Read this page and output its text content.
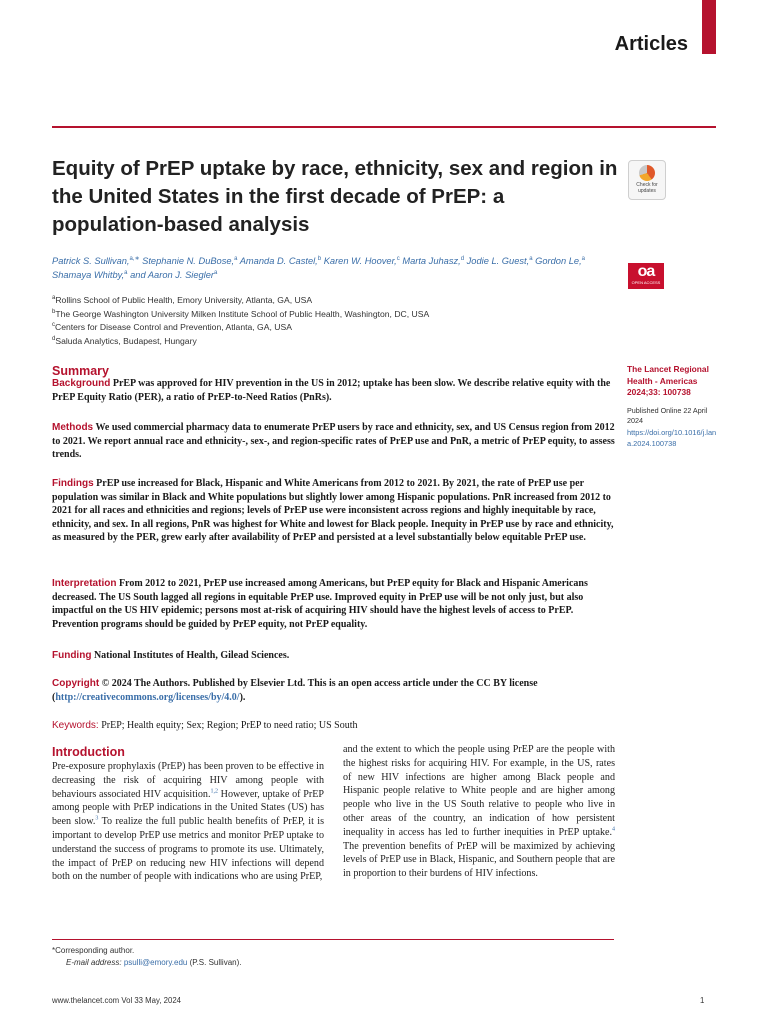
Articles
Equity of PrEP uptake by race, ethnicity, sex and region in the United States in the first decade of PrEP: a population-based analysis
Check for updates
oa
OPEN ACCESS
Patrick S. Sullivan,$^{a,∗}$ Stephanie N. DuBose,$^a$ Amanda D. Castel,$^b$ Karen W. Hoover,$^c$ Marta Juhasz,$^d$ Jodie L. Guest,$^a$ Gordon Le,$^a$
Shamaya Whitby,$^a$ and Aaron J. Siegler$^a$
$^a$Rollins School of Public Health, Emory University, Atlanta, GA, USA
$^b$The George Washington University Milken Institute School of Public Health, Washington, DC, USA
$^c$Centers for Disease Control and Prevention, Atlanta, GA, USA
$^d$Saluda Analytics, Budapest, Hungary
The Lancet Regional Health - Americas 2024;33: 100738
Published Online 22 April 2024
https://doi.org/10.1016/j.lana.2024.100738
Summary
Background PrEP was approved for HIV prevention in the US in 2012; uptake has been slow. We describe relative equity with the PrEP Equity Ratio (PER), a ratio of PrEP-to-Need Ratios (PnRs).
Methods We used commercial pharmacy data to enumerate PrEP users by race and ethnicity, sex, and US Census region from 2012 to 2021. We report annual race and ethnicity-, sex-, and region-specific rates of PrEP use and PnR, a metric of PrEP equity, to assess trends.
Findings PrEP use increased for Black, Hispanic and White Americans from 2012 to 2021. By 2021, the rate of PrEP use per population was similar in Black and White populations but slightly lower among Hispanic populations. PnR increased from 2012 to 2021 for all races and ethnicities and regions; levels of PrEP use were inconsistent across regions and highly inequitable by race, ethnicity, and sex. In all regions, PnR was highest for White and lowest for Black people. Inequity in PrEP use by race and ethnicity, as measured by the PER, grew early after availability of PrEP and persisted at a level substantially below equitable PrEP use.
Interpretation From 2012 to 2021, PrEP use increased among Americans, but PrEP equity for Black and Hispanic Americans decreased. The US South lagged all regions in equitable PrEP use. Improved equity in PrEP use will be not only just, but also impactful on the US HIV epidemic; persons most at-risk of acquiring HIV should have the highest levels of access to PrEP. Prevention programs should be guided by PrEP equity, not PrEP equality.
Funding National Institutes of Health, Gilead Sciences.
Copyright © 2024 The Authors. Published by Elsevier Ltd. This is an open access article under the CC BY license (http://creativecommons.org/licenses/by/4.0/).
Keywords: PrEP; Health equity; Sex; Region; PrEP to need ratio; US South
Introduction
Pre-exposure prophylaxis (PrEP) has been proven to be effective in decreasing the risk of acquiring HIV among people with behaviours associated HIV acquisition.$^{1,2}$ However, uptake of PrEP among people with PrEP indications in the United States (US) has been slow.$^3$ To realize the full public health benefits of PrEP, it is important to develop PrEP use metrics and monitor PrEP uptake to understand the success of programs to promote its use. Ultimately, the impact of PrEP on reducing new HIV infections will depend both on the number of people with indications who are using PrEP,
and the extent to which the people using PrEP are the people with the highest risks for acquiring HIV. For example, in the US, rates of new HIV infections are higher among Black people and Hispanic people relative to White people and are higher among people who live in the US South relative to people who live in other areas of the country, an indication of how persistent inequality in access has led to further inequities in PrEP uptake.$^4$ The prevention benefits of PrEP will be maximized by achieving levels of PrEP use in Black, Hispanic, and Southern people that are in proportion to their burdens of HIV infections.
*Corresponding author.
E-mail address: psulli@emory.edu (P.S. Sullivan).
www.thelancet.com Vol 33 May, 2024	1
